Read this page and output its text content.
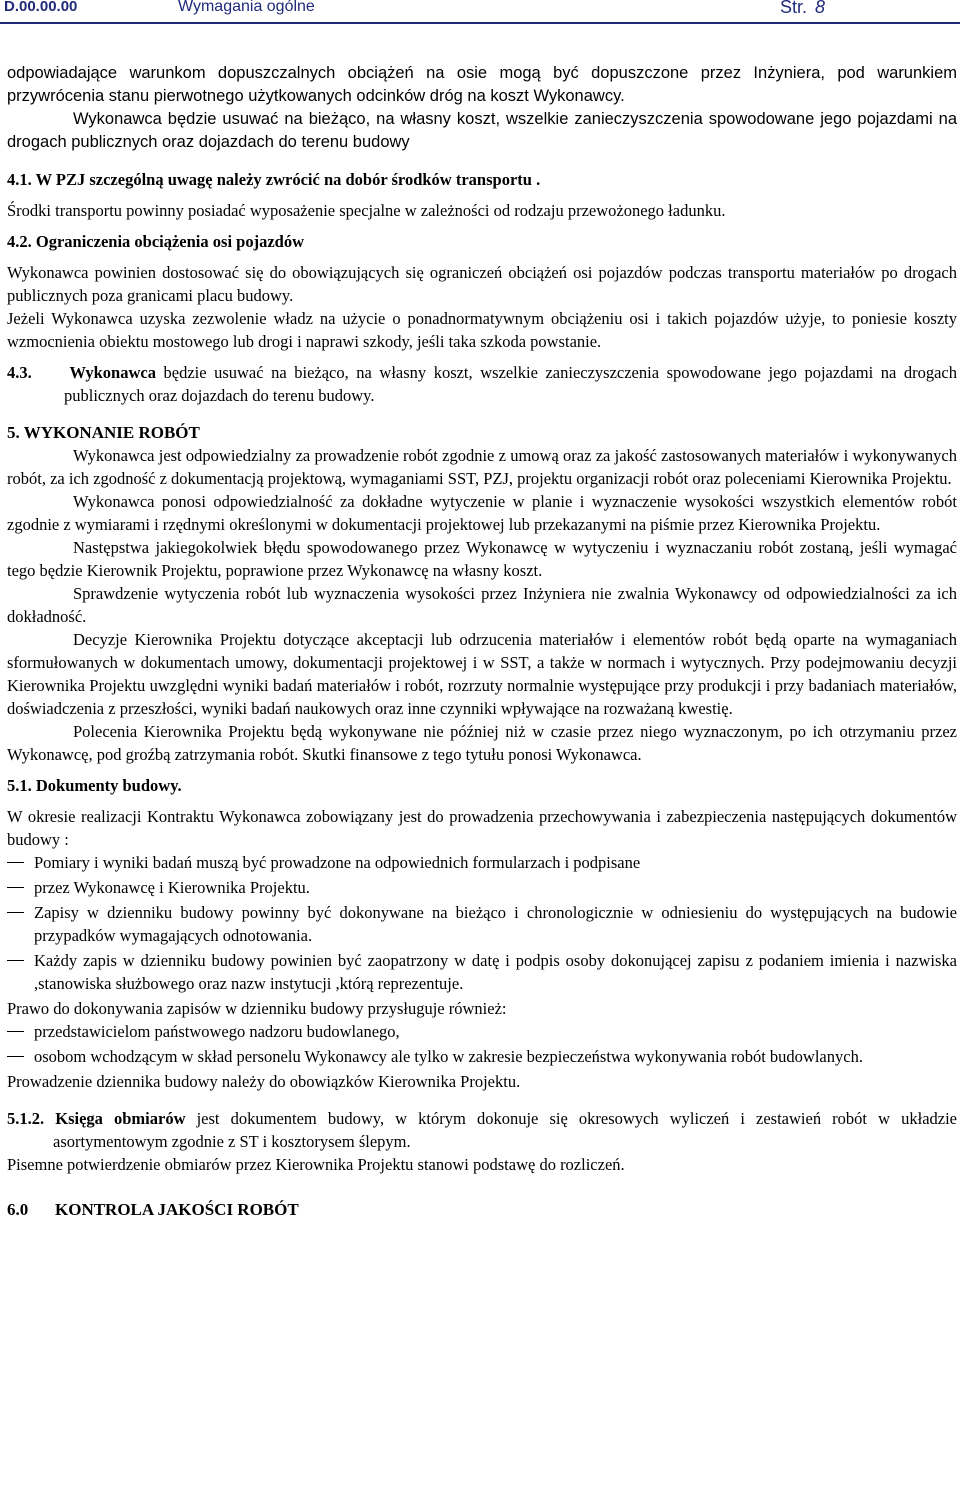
D.00.00.00	Wymagania ogólne	Str. 8

odpowiadające warunkom dopuszczalnych obciążeń na osie mogą być dopuszczone przez Inżyniera, pod warunkiem przywrócenia stanu pierwotnego użytkowanych odcinków dróg na koszt Wykonawcy.

Wykonawca będzie usuwać na bieżąco, na własny koszt, wszelkie zanieczyszczenia spowodowane jego pojazdami na drogach publicznych oraz dojazdach do terenu budowy

4.1. W PZJ szczególną uwagę należy zwrócić na dobór środków transportu .

Środki transportu powinny posiadać wyposażenie specjalne w zależności od rodzaju przewożonego ładunku.

4.2. Ograniczenia obciążenia osi pojazdów

Wykonawca powinien dostosować się do obowiązujących się ograniczeń obciążeń osi pojazdów podczas transportu materiałów po drogach publicznych poza granicami placu budowy.

Jeżeli Wykonawca uzyska zezwolenie władz na użycie o ponadnormatywnym obciążeniu osi i takich pojazdów użyje, to poniesie koszty wzmocnienia obiektu mostowego lub drogi i naprawi szkody, jeśli taka szkoda powstanie.

4.3. Wykonawca będzie usuwać na bieżąco, na własny koszt, wszelkie zanieczyszczenia spowodowane jego pojazdami na drogach publicznych oraz dojazdach do terenu budowy.

5. WYKONANIE ROBÓT

Wykonawca jest odpowiedzialny za prowadzenie robót zgodnie z umową oraz za jakość zastosowanych materiałów i wykonywanych robót, za ich zgodność z dokumentacją projektową, wymaganiami SST, PZJ, projektu organizacji robót oraz poleceniami Kierownika Projektu.

Wykonawca ponosi odpowiedzialność za dokładne wytyczenie w planie i wyznaczenie wysokości wszystkich elementów robót zgodnie z wymiarami i rzędnymi określonymi w dokumentacji projektowej lub przekazanymi na piśmie przez Kierownika Projektu.

Następstwa jakiegokolwiek błędu spowodowanego przez Wykonawcę w wytyczeniu i wyznaczaniu robót zostaną, jeśli wymagać tego będzie Kierownik Projektu, poprawione przez Wykonawcę na własny koszt.

Sprawdzenie wytyczenia robót lub wyznaczenia wysokości przez Inżyniera nie zwalnia Wykonawcy od odpowiedzialności za ich dokładność.

Decyzje Kierownika Projektu dotyczące akceptacji lub odrzucenia materiałów i elementów robót będą oparte na wymaganiach sformułowanych w dokumentach umowy, dokumentacji projektowej i w SST, a także w normach i wytycznych. Przy podejmowaniu decyzji Kierownika Projektu uwzględni wyniki badań materiałów i robót, rozrzuty normalnie występujące przy produkcji i przy badaniach materiałów, doświadczenia z przeszłości, wyniki badań naukowych oraz inne czynniki wpływające na rozważaną kwestię.

Polecenia Kierownika Projektu będą wykonywane nie później niż w czasie przez niego wyznaczonym, po ich otrzymaniu przez Wykonawcę, pod groźbą zatrzymania robót. Skutki finansowe z tego tytułu ponosi Wykonawca.

5.1. Dokumenty budowy.

W okresie realizacji Kontraktu Wykonawca zobowiązany jest do prowadzenia przechowywania i zabezpieczenia następujących dokumentów budowy :

Pomiary i wyniki badań muszą być prowadzone na odpowiednich formularzach i podpisane
przez Wykonawcę i Kierownika Projektu.
Zapisy w dzienniku budowy powinny być dokonywane na bieżąco i chronologicznie w odniesieniu do występujących na budowie przypadków wymagających odnotowania.
Każdy zapis w dzienniku budowy powinien być zaopatrzony w datę i podpis osoby dokonującej zapisu z podaniem imienia i nazwiska ,stanowiska służbowego oraz nazw instytucji ,którą reprezentuje.

Prawo do dokonywania zapisów w dzienniku budowy przysługuje również:

przedstawicielom państwowego nadzoru budowlanego,
osobom wchodzącym w skład personelu Wykonawcy ale tylko w zakresie bezpieczeństwa wykonywania robót budowlanych.

Prowadzenie dziennika budowy należy do obowiązków Kierownika Projektu.

5.1.2. Księga obmiarów jest dokumentem budowy, w którym dokonuje się okresowych wyliczeń i zestawień robót w układzie asortymentowym zgodnie z ST i kosztorysem ślepym.

Pisemne potwierdzenie obmiarów przez Kierownika Projektu stanowi podstawę do rozliczeń.

6.0 KONTROLA JAKOŚCI ROBÓT
